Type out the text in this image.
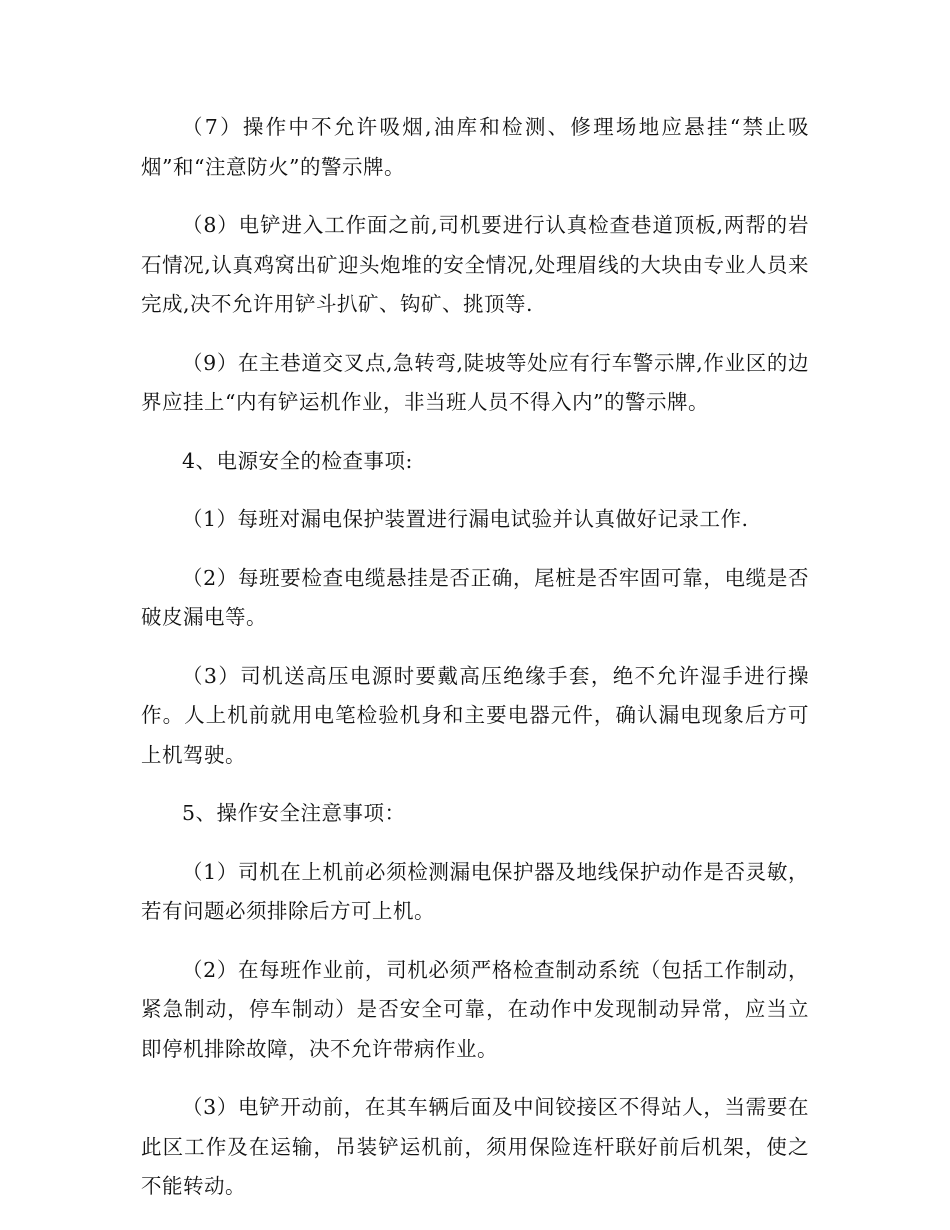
（7）操作中不允许吸烟,油库和检测、修理场地应悬挂“禁止吸烟”和“注意防火”的警示牌。

（8）电铲进入工作面之前,司机要进行认真检查巷道顶板,两帮的岩石情况,认真鸡窝出矿迎头炮堆的安全情况,处理眉线的大块由专业人员来完成,决不允许用铲斗扒矿、钩矿、挑顶等.

（9）在主巷道交叉点,急转弯,陡坡等处应有行车警示牌,作业区的边界应挂上“内有铲运机作业，非当班人员不得入内”的警示牌。

4、电源安全的检查事项:

（1）每班对漏电保护装置进行漏电试验并认真做好记录工作.

（2）每班要检查电缆悬挂是否正确，尾桩是否牢固可靠，电缆是否破皮漏电等。

（3）司机送高压电源时要戴高压绝缘手套，绝不允许湿手进行操作。人上机前就用电笔检验机身和主要电器元件，确认漏电现象后方可上机驾驶。

5、操作安全注意事项：

（1）司机在上机前必须检测漏电保护器及地线保护动作是否灵敏，若有问题必须排除后方可上机。

（2）在每班作业前，司机必须严格检查制动系统（包括工作制动，紧急制动，停车制动）是否安全可靠，在动作中发现制动异常，应当立即停机排除故障，决不允许带病作业。

（3）电铲开动前，在其车辆后面及中间铰接区不得站人，当需要在此区工作及在运输，吊装铲运机前，须用保险连杆联好前后机架，使之不能转动。
